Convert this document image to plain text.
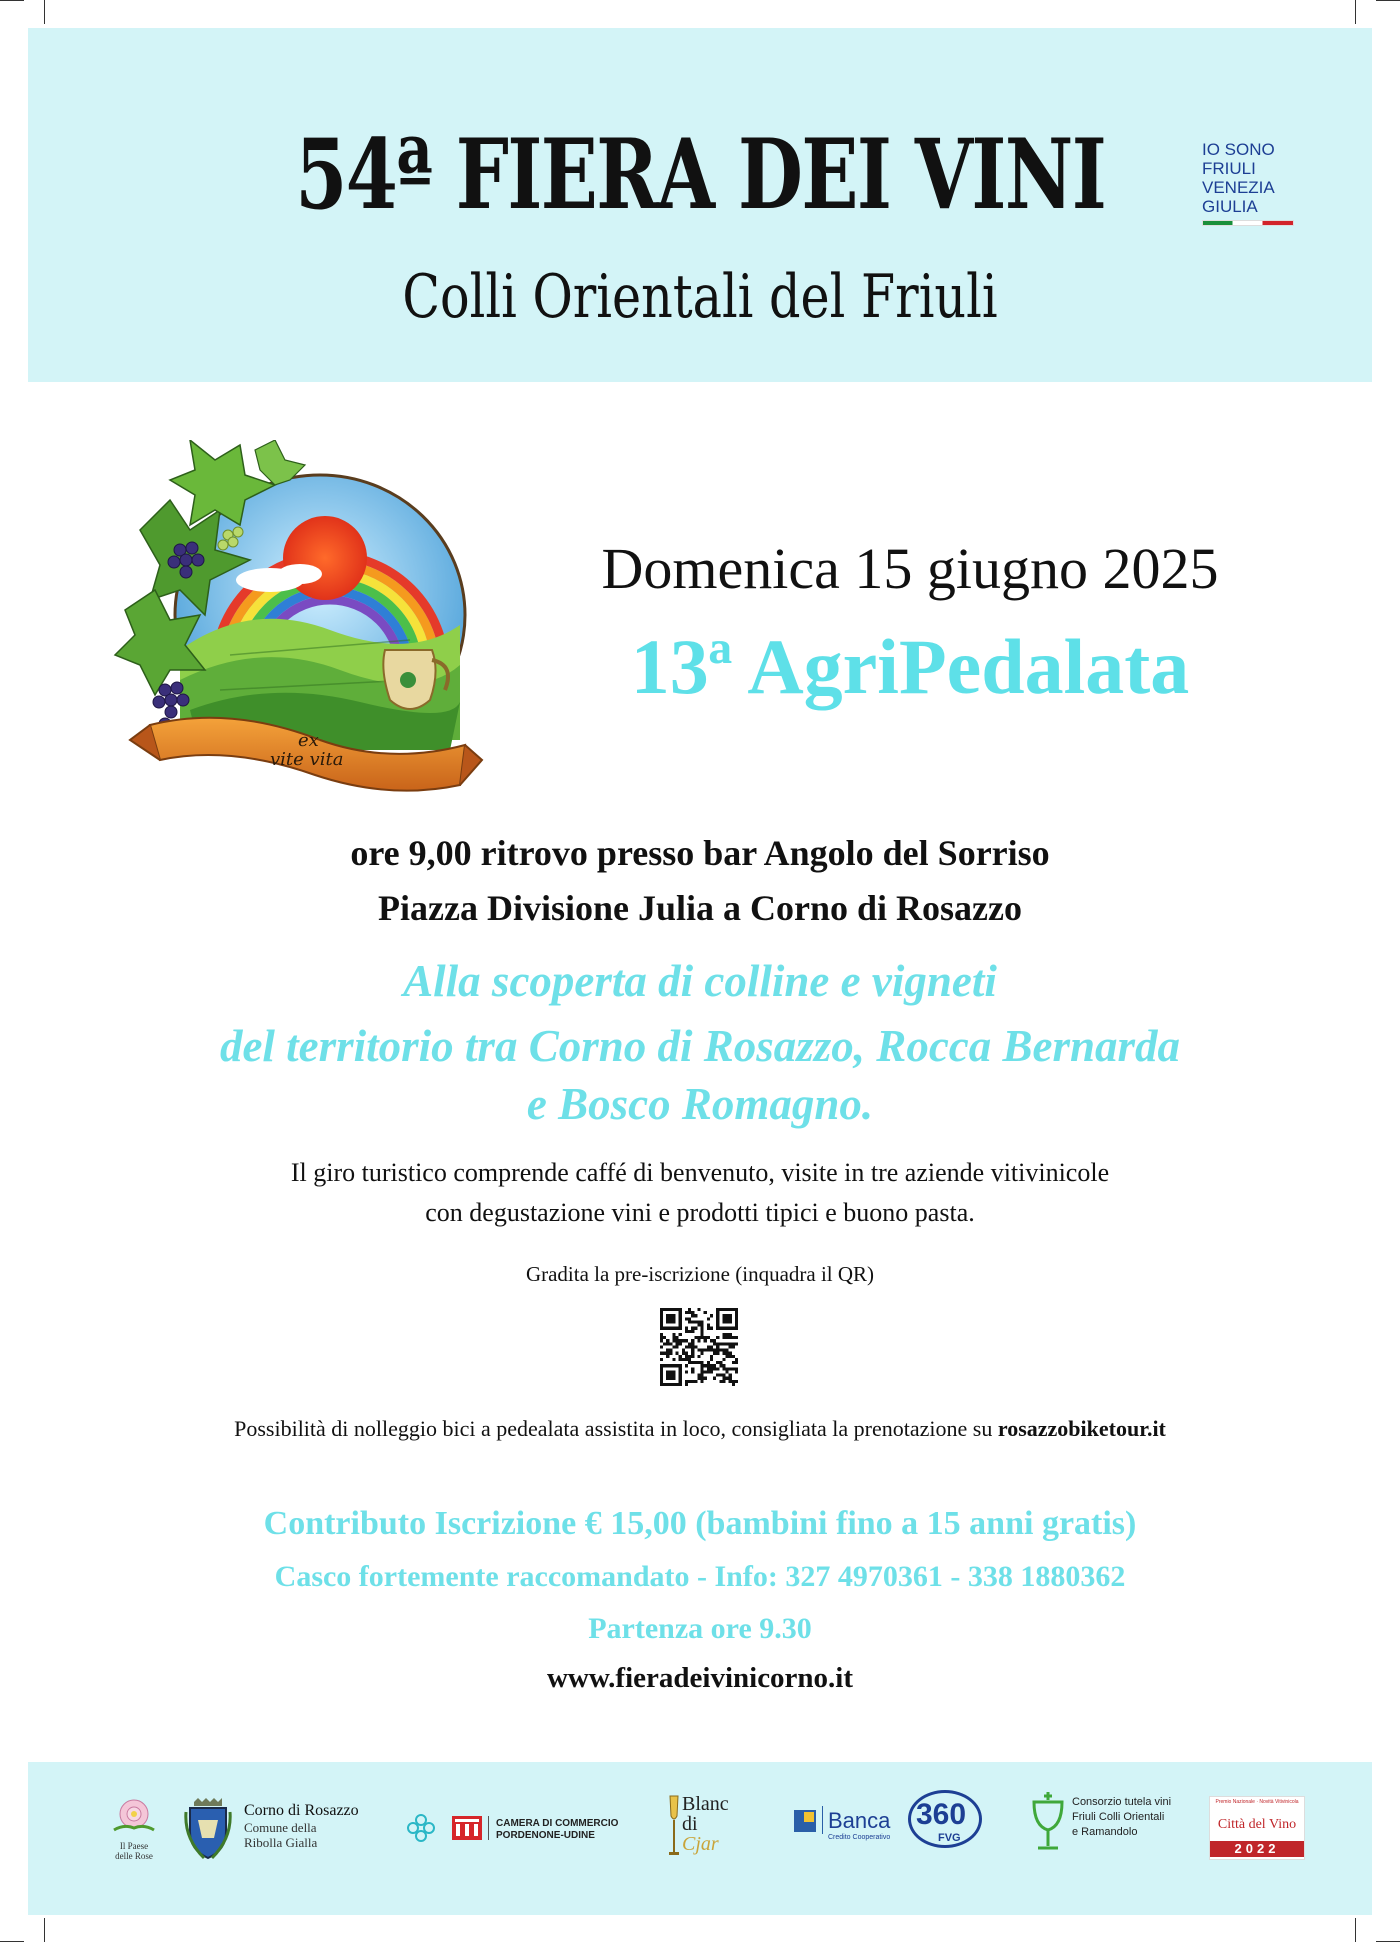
54ª FIERA DEI VINI
Colli Orientali del Friuli
IO SONO
FRIULI
VENEZIA
GIULIA
ex
vite vita
Domenica 15 giugno 2025
13ª AgriPedalata
ore 9,00 ritrovo presso bar Angolo del Sorriso
Piazza Divisione Julia a Corno di Rosazzo
Alla scoperta di colline e vigneti
del territorio tra Corno di Rosazzo, Rocca Bernarda
e Bosco Romagno.
Il giro turistico comprende caffé di benvenuto, visite in tre aziende vitivinicole
con degustazione vini e prodotti tipici e buono pasta.
Gradita la pre-iscrizione (inquadra il QR)
Possibilità di nolleggio bici a pedealata assistita in loco, consigliata la prenotazione su rosazzobiketour.it
Contributo Iscrizione € 15,00 (bambini fino a 15 anni gratis)
Casco fortemente raccomandato - Info: 327 4970361 - 338 1880362
Partenza ore 9.30
www.fieradeivinicorno.it
Il Paese
delle Rose
Corno di Rosazzo
Comune della
Ribolla Gialla
CAMERA DI COMMERCIO
PORDENONE-UDINE
Blanc
di
Cjar
Banca
Credito Cooperativo
360
FVG
Consorzio tutela vini
Friuli Colli Orientali
e Ramandolo
Premio Nazionale · Novità Vitivinicola
Città del Vino
2022
